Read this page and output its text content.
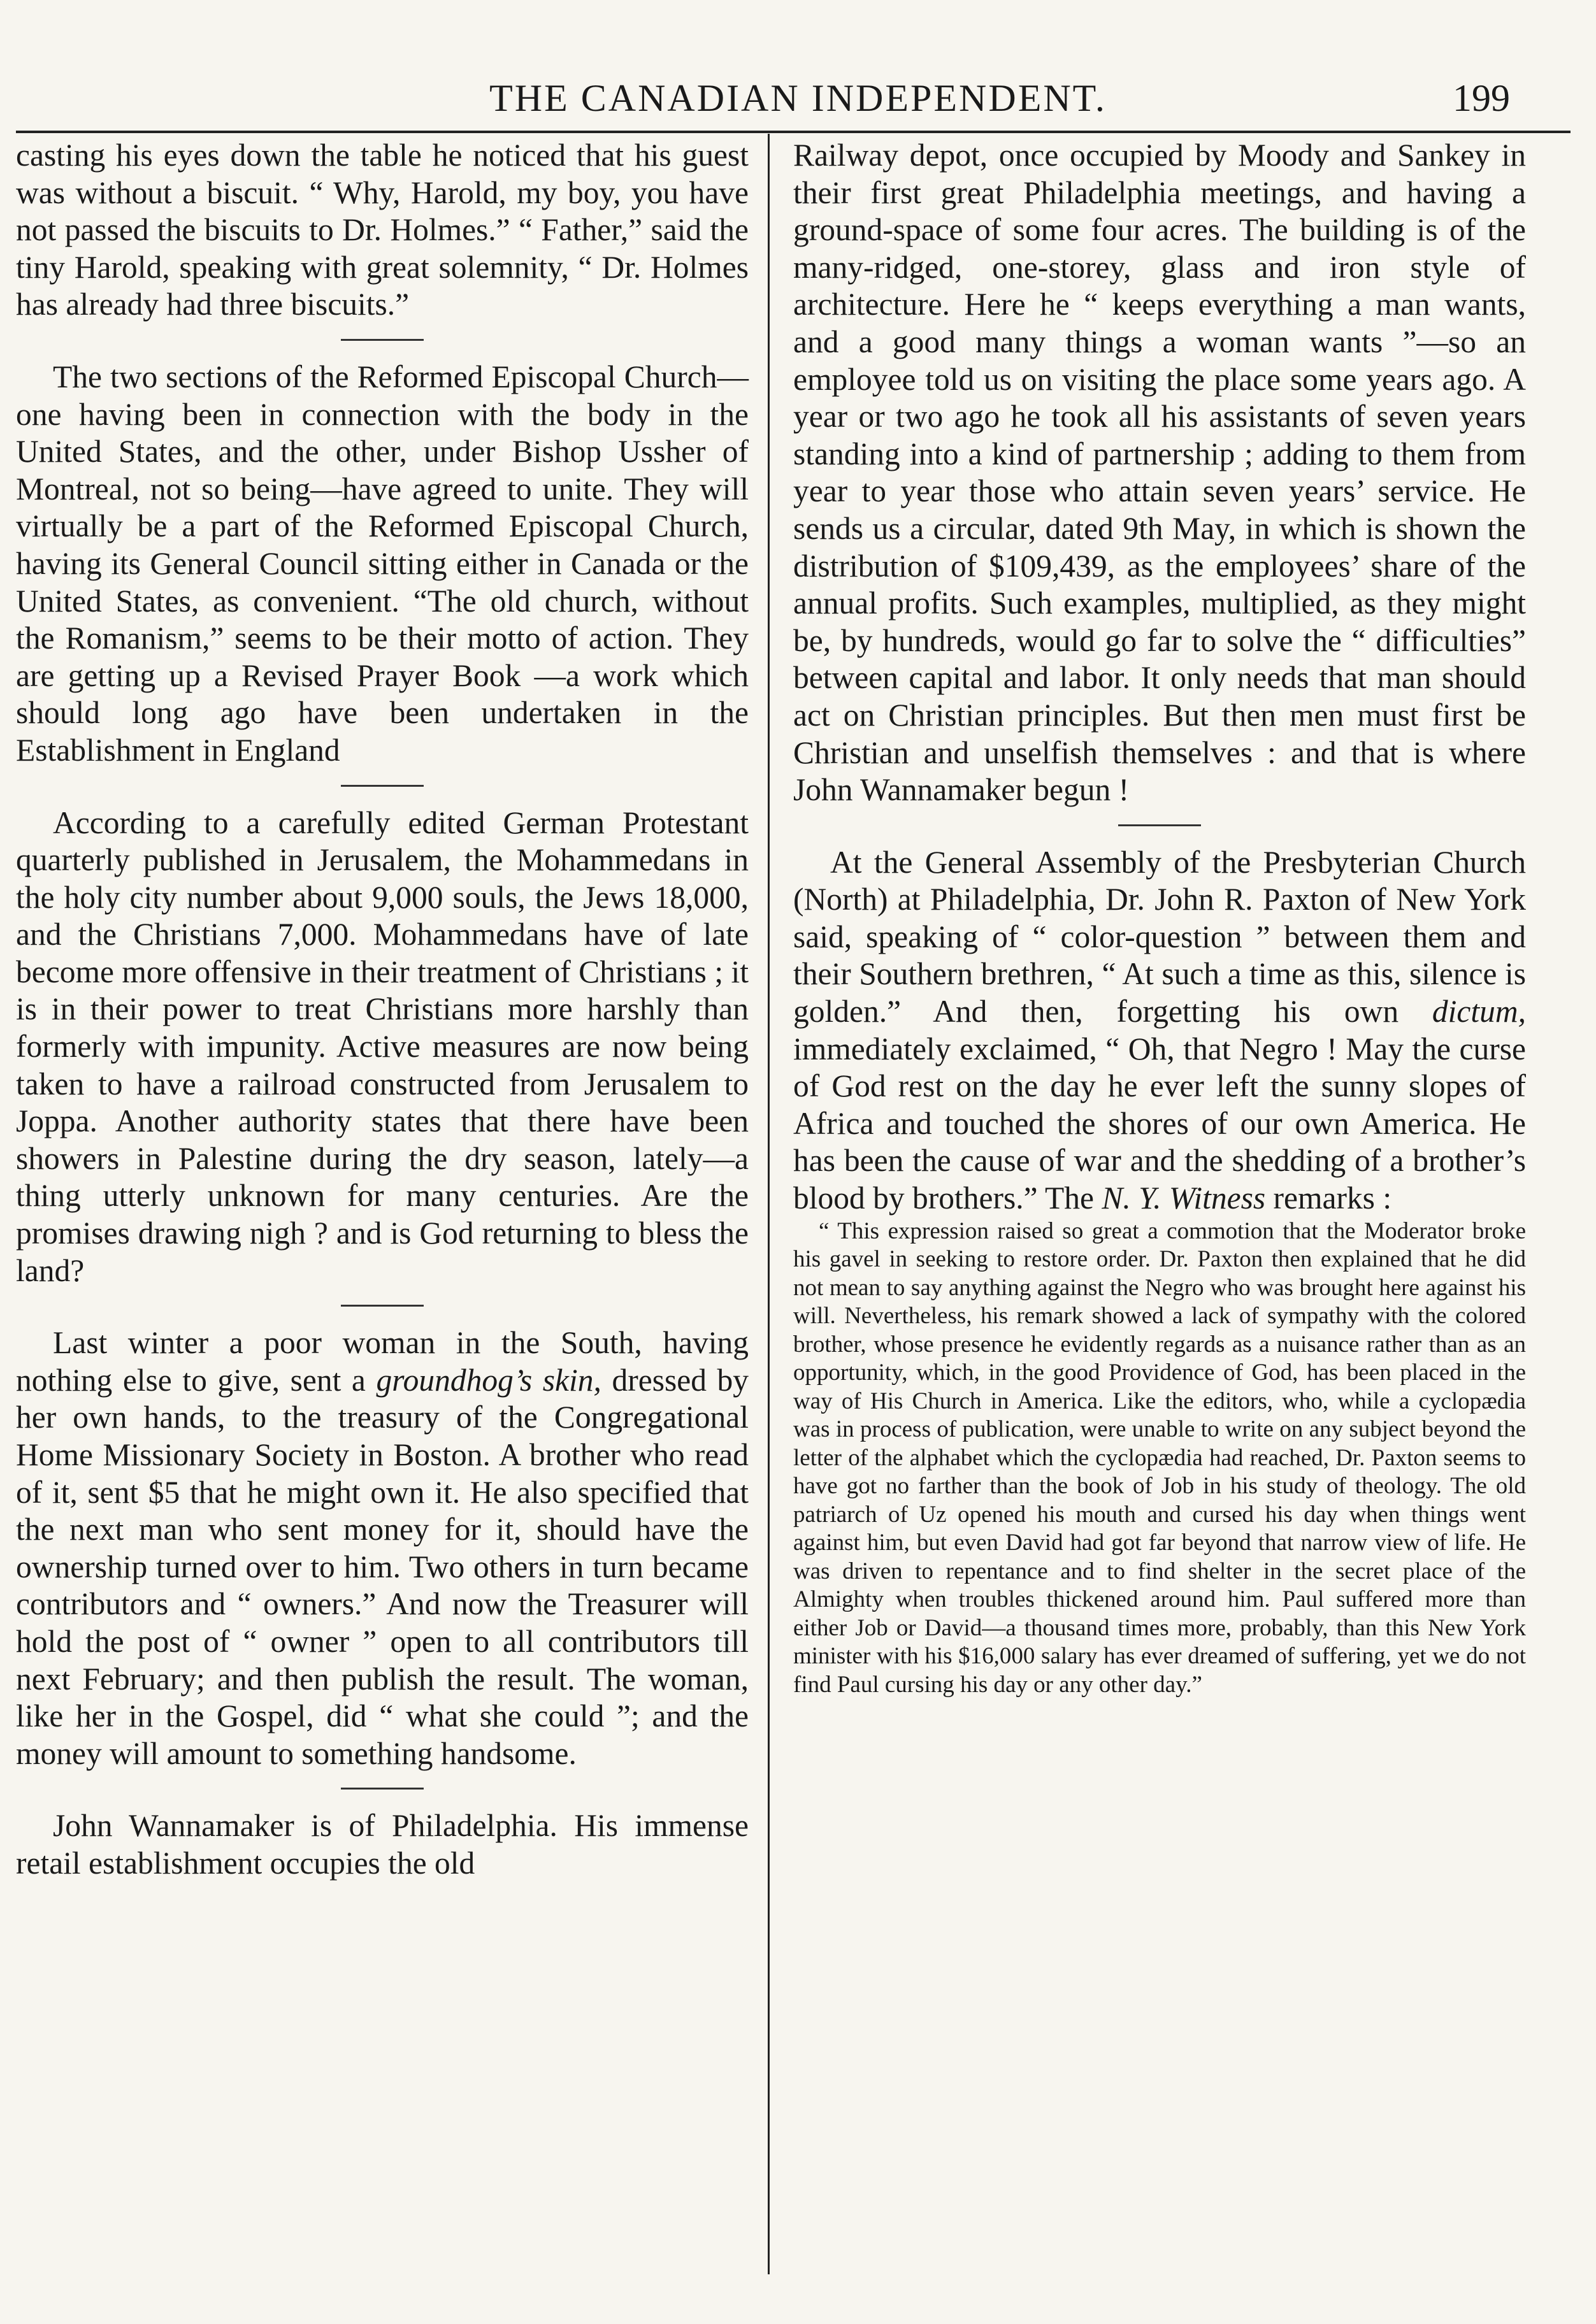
THE CANADIAN INDEPENDENT.	199

casting his eyes down the table he noticed that his guest was without a biscuit. “ Why, Harold, my boy, you have not passed the biscuits to Dr. Holmes.” “ Father,” said the tiny Harold, speaking with great solemnity, “ Dr. Holmes has already had three biscuits.”

The two sections of the Reformed Episcopal Church—one having been in connection with the body in the United States, and the other, under Bishop Ussher of Montreal, not so being—have agreed to unite. They will virtually be a part of the Reformed Episcopal Church, having its General Council sitting either in Canada or the United States, as convenient. “The old church, without the Romanism,” seems to be their motto of action. They are getting up a Revised Prayer Book —a work which should long ago have been undertaken in the Establishment in England

According to a carefully edited German Protestant quarterly published in Jerusalem, the Mohammedans in the holy city number about 9,000 souls, the Jews 18,000, and the Christians 7,000. Mohammedans have of late become more offensive in their treatment of Christians ; it is in their power to treat Christians more harshly than formerly with impunity. Active measures are now being taken to have a railroad constructed from Jerusalem to Joppa. Another authority states that there have been showers in Palestine during the dry season, lately—a thing utterly unknown for many centuries. Are the promises drawing nigh ? and is God returning to bless the land?

Last winter a poor woman in the South, having nothing else to give, sent a groundhog’s skin, dressed by her own hands, to the treasury of the Congregational Home Missionary Society in Boston. A brother who read of it, sent $5 that he might own it. He also specified that the next man who sent money for it, should have the ownership turned over to him. Two others in turn became contributors and “ owners.” And now the Treasurer will hold the post of “ owner ” open to all contributors till next February; and then publish the result. The woman, like her in the Gospel, did “ what she could ”; and the money will amount to something handsome.

John Wannamaker is of Philadelphia. His immense retail establishment occupies the old

Railway depot, once occupied by Moody and Sankey in their first great Philadelphia meetings, and having a ground-space of some four acres. The building is of the many-ridged, one-storey, glass and iron style of architecture. Here he “ keeps everything a man wants, and a good many things a woman wants ”—so an employee told us on visiting the place some years ago. A year or two ago he took all his assistants of seven years standing into a kind of partnership ; adding to them from year to year those who attain seven years’ service. He sends us a circular, dated 9th May, in which is shown the distribution of $109,439, as the employees’ share of the annual profits. Such examples, multiplied, as they might be, by hundreds, would go far to solve the “ difficulties” between capital and labor. It only needs that man should act on Christian principles. But then men must first be Christian and unselfish themselves : and that is where John Wannamaker begun !

At the General Assembly of the Presbyterian Church (North) at Philadelphia, Dr. John R. Paxton of New York said, speaking of “ color-question ” between them and their Southern brethren, “ At such a time as this, silence is golden.” And then, forgetting his own dictum, immediately exclaimed, “ Oh, that Negro ! May the curse of God rest on the day he ever left the sunny slopes of Africa and touched the shores of our own America. He has been the cause of war and the shedding of a brother’s blood by brothers.” The N. Y. Witness remarks :

“ This expression raised so great a commotion that the Moderator broke his gavel in seeking to restore order. Dr. Paxton then explained that he did not mean to say anything against the Negro who was brought here against his will. Nevertheless, his remark showed a lack of sympathy with the colored brother, whose presence he evidently regards as a nuisance rather than as an opportunity, which, in the good Providence of God, has been placed in the way of His Church in America. Like the editors, who, while a cyclopædia was in process of publication, were unable to write on any subject beyond the letter of the alphabet which the cyclopædia had reached, Dr. Paxton seems to have got no farther than the book of Job in his study of theology. The old patriarch of Uz opened his mouth and cursed his day when things went against him, but even David had got far beyond that narrow view of life. He was driven to repentance and to find shelter in the secret place of the Almighty when troubles thickened around him. Paul suffered more than either Job or David—a thousand times more, probably, than this New York minister with his $16,000 salary has ever dreamed of suffering, yet we do not find Paul cursing his day or any other day.”
